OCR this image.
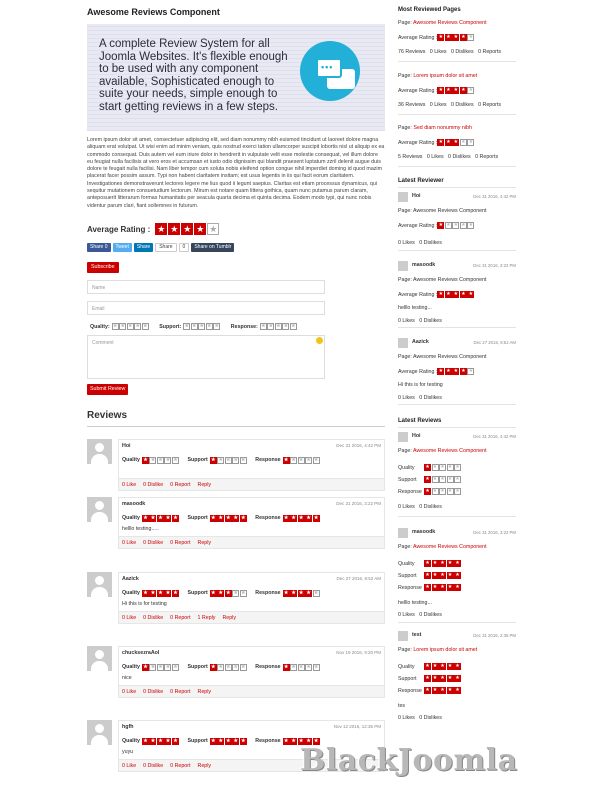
Awesome Reviews Component
A complete Review System for all Joomla Websites. It's flexible enough to be used with any component available, Sophisticated enough to suite your needs, simple enough to start getting reviews in a few steps.
•••
Lorem ipsum dolor sit amet, consectetuer adipiscing elit, sed diam nonummy nibh euismod tincidunt ut laoreet dolore magna aliquam erat volutpat. Ut wisi enim ad minim veniam, quis nostrud exerci tation ullamcorper suscipit lobortis nisl ut aliquip ex ea commodo consequat. Duis autem vel eum iriure dolor in hendrerit in vulputate velit esse molestie consequat, vel illum dolore eu feugiat nulla facilisis at vero eros et accumsan et iusto odio dignissim qui blandit praesent luptatum zzril delenit augue duis dolore te feugait nulla facilisi. Nam liber tempor cum soluta nobis eleifend option congue nihil imperdiet doming id quod mazim placerat facer possim assum. Typi non habent claritatem insitam; est usus legentis in iis qui facit eorum claritatem. Investigationes demonstraverunt lectores legere me lius quod ii legunt saepius. Claritas est etiam processus dynamicus, qui sequitur mutationem consuetudium lectorum. Mirum est notare quam littera gothica, quam nunc putamus parum claram, anteposuerit litterarum formas humanitatis per seacula quarta decima et quinta decima. Eodem modo typi, qui nunc nobis videntur parum clari, fiant sollemnes in futurum.
Average Rating : ★ ★ ★ ★ ★
Share 0	Tweet	Share	Share	0	Share on Tumblr
Subscribe
Name
Email
Quality: ★ ★ ★ ★ ★ Support: ★ ★ ★ ★ ★ Response: ★ ★ ★ ★ ★
Comment
Submit Review
Reviews
Hoi	Dec 31 2016, 4:42 PM
Quality ★ ★ ★ ★ ★ Support ★ ★ ★ ★ ★ Response ★ ★ ★ ★ ★
0 Like 0 Dislike 0 Report Reply
masoodk	Dec 31 2016, 3:22 PM
Quality ★ ★ ★ ★ ★ Support ★ ★ ★ ★ ★ Response ★ ★ ★ ★ ★
helllo testing.....
0 Like 0 Dislike 0 Report Reply
Aazick	Dec 27 2016, 8:52 AM
Quality ★ ★ ★ ★ ★ Support ★ ★ ★ ★ ★ Response ★ ★ ★ ★ ★
Hi this is for testing
0 Like 0 Dislike 0 Report 1 Reply Reply
chucksezraAol	Nov 19 2016, 9:20 PM
Quality ★ ★ ★ ★ ★ Support ★ ★ ★ ★ ★ Response ★ ★ ★ ★ ★
nice
0 Like 0 Dislike 0 Report Reply
hgfh	Nov 12 2016, 12:35 PM
Quality ★ ★ ★ ★ ★ Support ★ ★ ★ ★ ★ Response ★ ★ ★ ★ ★
yuyu
0 Like 0 Dislike 0 Report Reply
Most Reviewed Pages
Page: Awesome Reviews Component
Average Rating : ★ ★ ★ ★ ★
76 Reviews   0 Likes   0 Dislikes   0 Reports
Page: Lorem ipsum dolor sit amet
Average Rating : ★ ★ ★ ★ ★
36 Reviews   0 Likes   0 Dislikes   0 Reports
Page: Sed diam nonummy nibh
Average Rating : ★ ★ ★ ★ ★
5 Reviews   0 Likes   0 Dislikes   0 Reports
Latest Reviewer
Hoi	Dec 31 2016, 4:42 PM
Page: Awesome Reviews Component
Average Rating : ★ ★ ★ ★ ★
0 Likes   0 Dislikes
masoodk	Dec 31 2016, 3:22 PM
Page: Awesome Reviews Component
Average Rating : ★ ★ ★ ★ ★
helllo testing...
0 Likes   0 Dislikes
Aazick	Dec 27 2016, 8:52 AM
Page: Awesome Reviews Component
Average Rating : ★ ★ ★ ★ ★
Hi this is for testing
0 Likes   0 Dislikes
Latest Reviews
Hoi	Dec 31 2016, 4:42 PM
Page: Awesome Reviews Component
Quality	★ ★ ★ ★ ★
Support	★ ★ ★ ★ ★
Response ★ ★ ★ ★ ★
0 Likes   0 Dislikes
masoodk	Dec 31 2016, 3:22 PM
Page: Awesome Reviews Component
Quality	★ ★ ★ ★ ★
Support	★ ★ ★ ★ ★
Response ★ ★ ★ ★ ★
helllo testing...
0 Likes   0 Dislikes
test	Dec 31 2016, 2:35 PM
Page: Lorem ipsum dolor sit amet
Quality	★ ★ ★ ★ ★
Support	★ ★ ★ ★ ★
Response ★ ★ ★ ★ ★
tes
0 Likes   0 Dislikes
BlackJoomla
